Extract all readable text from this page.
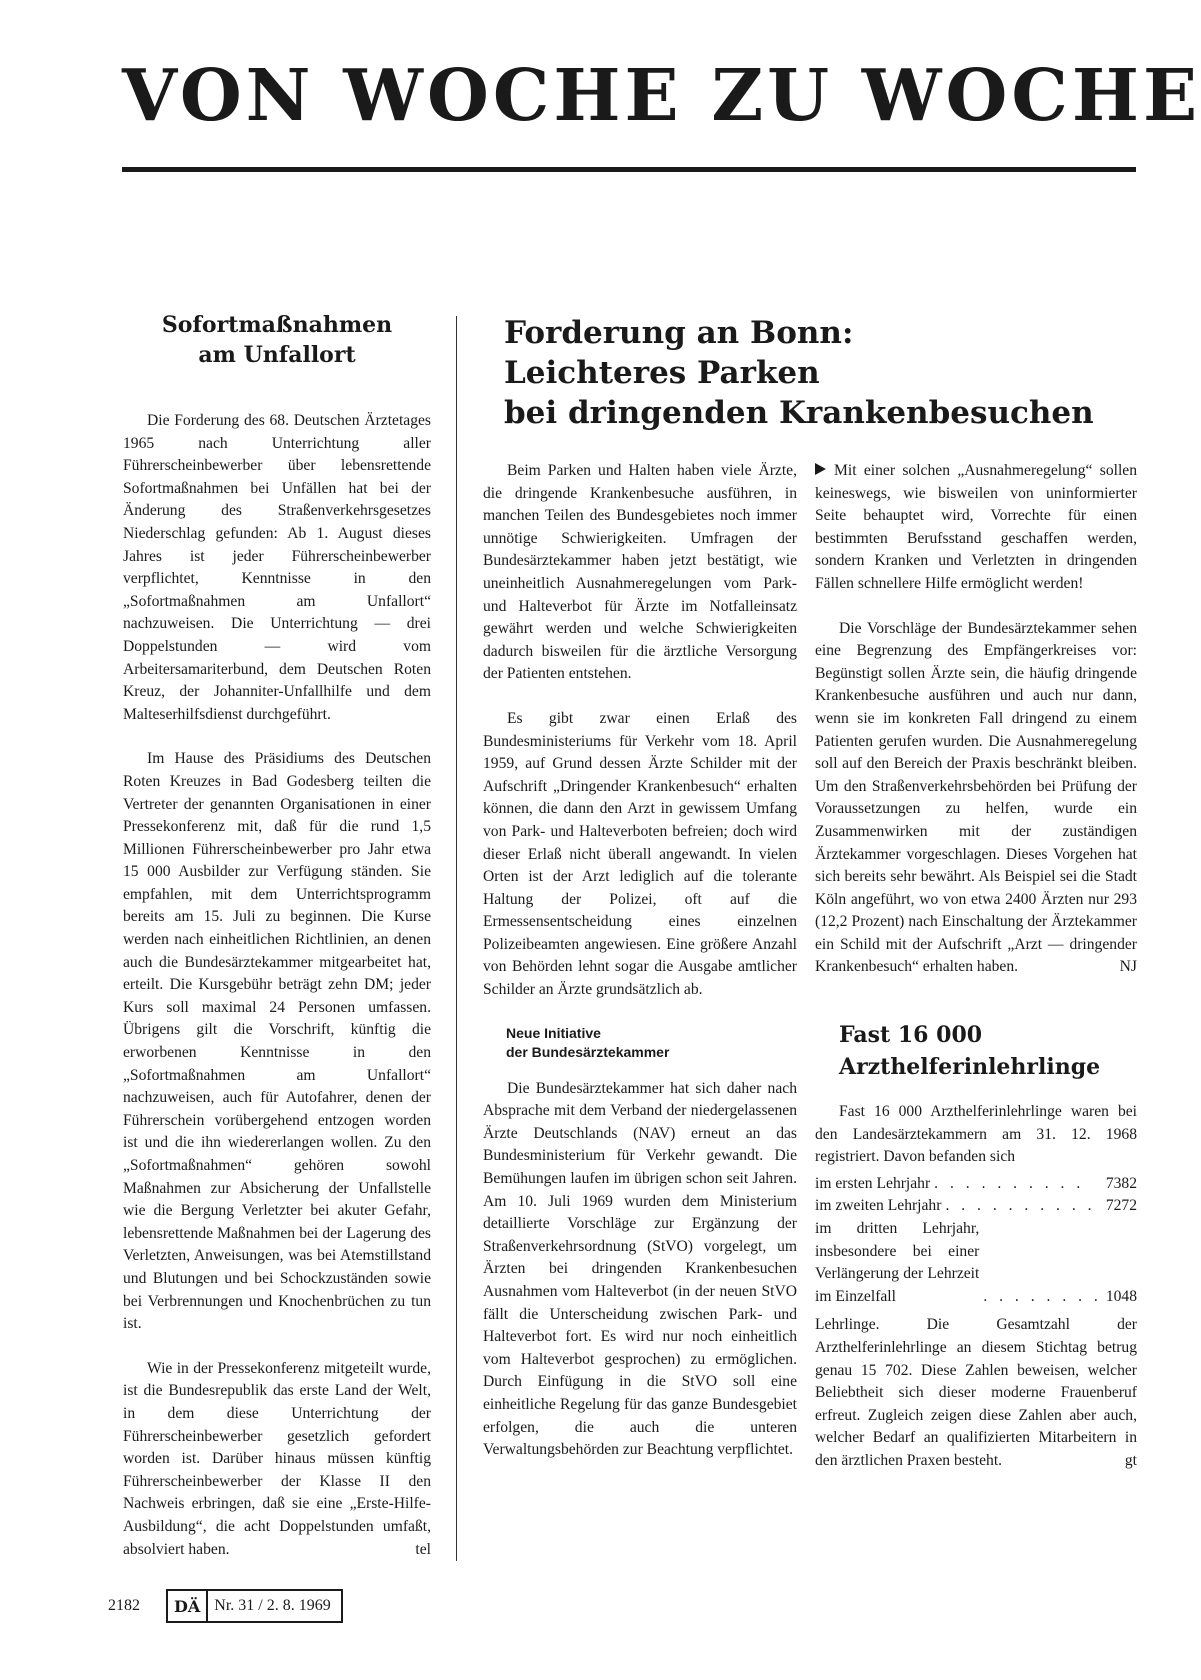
VON WOCHE ZU WOCHE
Sofortmaßnahmen
am Unfallort

Die Forderung des 68. Deutschen Ärztetages 1965 nach Unterrichtung aller Führerscheinbewerber über lebensrettende Sofortmaßnahmen bei Unfällen hat bei der Änderung des Straßenverkehrsgesetzes Niederschlag gefunden: Ab 1. August dieses Jahres ist jeder Führerscheinbewerber verpflichtet, Kenntnisse in den „Sofortmaßnahmen am Unfallort“ nachzuweisen. Die Unterrichtung — drei Doppelstunden — wird vom Arbeitersamariterbund, dem Deutschen Roten Kreuz, der Johanniter-Unfallhilfe und dem Malteserhilfsdienst durchgeführt.

Im Hause des Präsidiums des Deutschen Roten Kreuzes in Bad Godesberg teilten die Vertreter der genannten Organisationen in einer Pressekonferenz mit, daß für die rund 1,5 Millionen Führerscheinbewerber pro Jahr etwa 15 000 Ausbilder zur Verfügung ständen. Sie empfahlen, mit dem Unterrichtsprogramm bereits am 15. Juli zu beginnen. Die Kurse werden nach einheitlichen Richtlinien, an denen auch die Bundesärztekammer mitgearbeitet hat, erteilt. Die Kursgebühr beträgt zehn DM; jeder Kurs soll maximal 24 Personen umfassen. Übrigens gilt die Vorschrift, künftig die erworbenen Kenntnisse in den „Sofortmaßnahmen am Unfallort“ nachzuweisen, auch für Autofahrer, denen der Führerschein vorübergehend entzogen worden ist und die ihn wiedererlangen wollen. Zu den „Sofortmaßnahmen“ gehören sowohl Maßnahmen zur Absicherung der Unfallstelle wie die Bergung Verletzter bei akuter Gefahr, lebensrettende Maßnahmen bei der Lagerung des Verletzten, Anweisungen, was bei Atemstillstand und Blutungen und bei Schockzuständen sowie bei Verbrennungen und Knochenbrüchen zu tun ist.

Wie in der Pressekonferenz mitgeteilt wurde, ist die Bundesrepublik das erste Land der Welt, in dem diese Unterrichtung der Führerscheinbewerber gesetzlich gefordert worden ist. Darüber hinaus müssen künftig Führerscheinbewerber der Klasse II den Nachweis erbringen, daß sie eine „Erste-Hilfe-Ausbildung“, die acht Doppelstunden umfaßt, absolviert haben.	tel

Forderung an Bonn:
Leichteres Parken
bei dringenden Krankenbesuchen

Beim Parken und Halten haben viele Ärzte, die dringende Krankenbesuche ausführen, in manchen Teilen des Bundesgebietes noch immer unnötige Schwierigkeiten. Umfragen der Bundesärztekammer haben jetzt bestätigt, wie uneinheitlich Ausnahmeregelungen vom Park- und Halteverbot für Ärzte im Notfalleinsatz gewährt werden und welche Schwierigkeiten dadurch bisweilen für die ärztliche Versorgung der Patienten entstehen.

Es gibt zwar einen Erlaß des Bundesministeriums für Verkehr vom 18. April 1959, auf Grund dessen Ärzte Schilder mit der Aufschrift „Dringender Krankenbesuch“ erhalten können, die dann den Arzt in gewissem Umfang von Park- und Halteverboten befreien; doch wird dieser Erlaß nicht überall angewandt. In vielen Orten ist der Arzt lediglich auf die tolerante Haltung der Polizei, oft auf die Ermessensentscheidung eines einzelnen Polizeibeamten angewiesen. Eine größere Anzahl von Behörden lehnt sogar die Ausgabe amtlicher Schilder an Ärzte grundsätzlich ab.

Neue Initiative
der Bundesärztekammer

Die Bundesärztekammer hat sich daher nach Absprache mit dem Verband der niedergelassenen Ärzte Deutschlands (NAV) erneut an das Bundesministerium für Verkehr gewandt. Die Bemühungen laufen im übrigen schon seit Jahren. Am 10. Juli 1969 wurden dem Ministerium detaillierte Vorschläge zur Ergänzung der Straßenverkehrsordnung (StVO) vorgelegt, um Ärzten bei dringenden Krankenbesuchen Ausnahmen vom Halteverbot (in der neuen StVO fällt die Unterscheidung zwischen Park- und Halteverbot fort. Es wird nur noch einheitlich vom Halteverbot gesprochen) zu ermöglichen. Durch Einfügung in die StVO soll eine einheitliche Regelung für das ganze Bundesgebiet erfolgen, die auch die unteren Verwaltungsbehörden zur Beachtung verpflichtet.

Mit einer solchen „Ausnahmeregelung“ sollen keineswegs, wie bisweilen von uninformierter Seite behauptet wird, Vorrechte für einen bestimmten Berufsstand geschaffen werden, sondern Kranken und Verletzten in dringenden Fällen schnellere Hilfe ermöglicht werden!

Die Vorschläge der Bundesärztekammer sehen eine Begrenzung des Empfängerkreises vor: Begünstigt sollen Ärzte sein, die häufig dringende Krankenbesuche ausführen und auch nur dann, wenn sie im konkreten Fall dringend zu einem Patienten gerufen wurden. Die Ausnahmeregelung soll auf den Bereich der Praxis beschränkt bleiben. Um den Straßenverkehrsbehörden bei Prüfung der Voraussetzungen zu helfen, wurde ein Zusammenwirken mit der zuständigen Ärztekammer vorgeschlagen. Dieses Vorgehen hat sich bereits sehr bewährt. Als Beispiel sei die Stadt Köln angeführt, wo von etwa 2400 Ärzten nur 293 (12,2 Prozent) nach Einschaltung der Ärztekammer ein Schild mit der Aufschrift „Arzt — dringender Krankenbesuch“ erhalten haben.	NJ

Fast 16 000
Arzthelferinlehrlinge

Fast 16 000 Arzthelferinlehrlinge waren bei den Landesärztekammern am 31. 12. 1968 registriert. Davon befanden sich

im ersten Lehrjahr . . . . . . . . . .	7382
im zweiten Lehrjahr . . . . . . . . . . 7272
im dritten Lehrjahr, insbesondere bei einer Verlängerung der Lehrzeit im Einzelfall	. . . . . . . . 1048

Lehrlinge. Die Gesamtzahl der Arzthelferinlehrlinge an diesem Stichtag betrug genau 15 702. Diese Zahlen beweisen, welcher Beliebtheit sich dieser moderne Frauenberuf erfreut. Zugleich zeigen diese Zahlen aber auch, welcher Bedarf an qualifizierten Mitarbeitern in den ärztlichen Praxen besteht.	gt

2182	DÄ Nr. 31 / 2. 8. 1969
